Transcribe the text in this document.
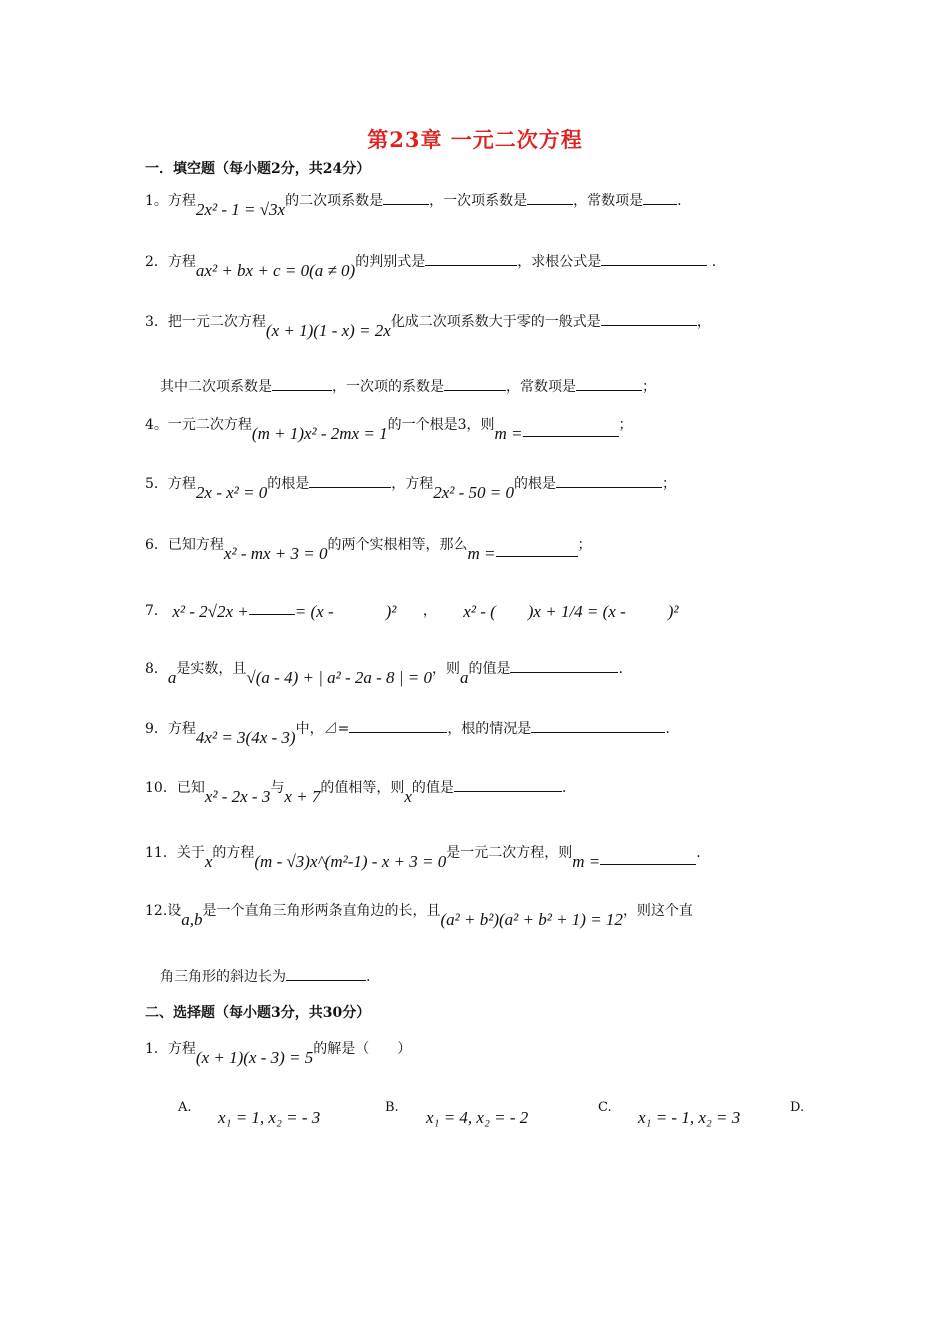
第23章 一元二次方程
一．填空题（每小题2分，共24分）
1。方程2x² - 1 = √3x的二次项系数是	，一次项系数是	，常数项是 .
2．方程ax² + bx + c = 0(a ≠ 0)的判别式是	，求根公式是	.
3．把一元二次方程(x + 1)(1 - x) = 2x化成二次项系数大于零的一般式是	，
其中二次项系数是	，一次项的系数是	，常数项是	；
4。一元二次方程(m + 1)x² - 2mx = 1的一个根是3，则m =	；
5．方程2x - x² = 0的根是	，方程2x² - 50 = 0的根是	；
6．已知方程x² - mx + 3 = 0的两个实根相等，那么m =	；
7． x² - 2√2x +	= (x -	)² ， x² - ( )x + 1/4 = (x - )²
8．a是实数，且√(a - 4) + | a² - 2a - 8 | = 0，则a的值是	.
9．方程4x² = 3(4x - 3)中，⊿=	，根的情况是	.
10．已知x² - 2x - 3与x + 7的值相等，则x的值是	.
11．关于x的方程(m - √3)x^(m²-1) - x + 3 = 0是一元二次方程，则m =	.
12.设a,b是一个直角三角形两条直角边的长，且(a² + b²)(a² + b² + 1) = 12，则这个直
角三角形的斜边长为	.
二、选择题（每小题3分，共30分）
1．方程(x + 1)(x - 3) = 5的解是（　　）
A.
x₁ = 1, x₂ = - 3
B.
x₁ = 4, x₂ = - 2
C.
x₁ = - 1, x₂ = 3
D.
